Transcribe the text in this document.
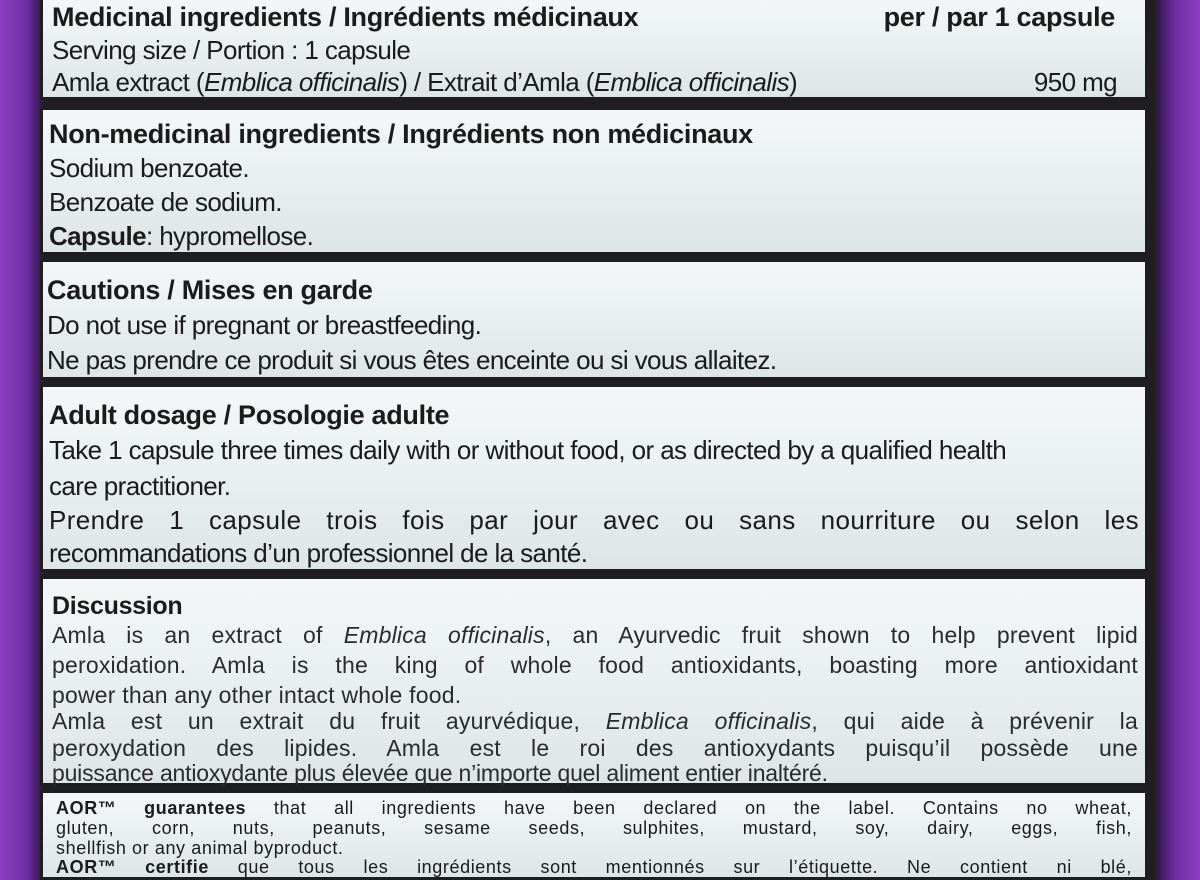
Medicinal ingredients / Ingrédients médicinaux	per / par 1 capsule
Serving size / Portion : 1 capsule
Amla extract (Emblica officinalis) / Extrait d’Amla (Emblica officinalis)	950 mg
Non-medicinal ingredients / Ingrédients non médicinaux
Sodium benzoate.
Benzoate de sodium.
Capsule: hypromellose.
Cautions / Mises en garde
Do not use if pregnant or breastfeeding.
Ne pas prendre ce produit si vous êtes enceinte ou si vous allaitez.
Adult dosage / Posologie adulte
Take 1 capsule three times daily with or without food, or as directed by a qualified health
care practitioner.
Prendre 1 capsule trois fois par jour avec ou sans nourriture ou selon les
recommandations d’un professionnel de la santé.
Discussion
Amla is an extract of Emblica officinalis, an Ayurvedic fruit shown to help prevent lipid
peroxidation. Amla is the king of whole food antioxidants, boasting more antioxidant
power than any other intact whole food.
Amla est un extrait du fruit ayurvédique, Emblica officinalis, qui aide à prévenir la
peroxydation des lipides. Amla est le roi des antioxydants puisqu’il possède une
puissance antioxydante plus élevée que n’importe quel aliment entier inaltéré.
AOR™ guarantees that all ingredients have been declared on the label. Contains no wheat,
gluten, corn, nuts, peanuts, sesame seeds, sulphites, mustard, soy, dairy, eggs, fish,
shellfish or any animal byproduct.
AOR™ certifie que tous les ingrédients sont mentionnés sur l’étiquette. Ne contient ni blé,
